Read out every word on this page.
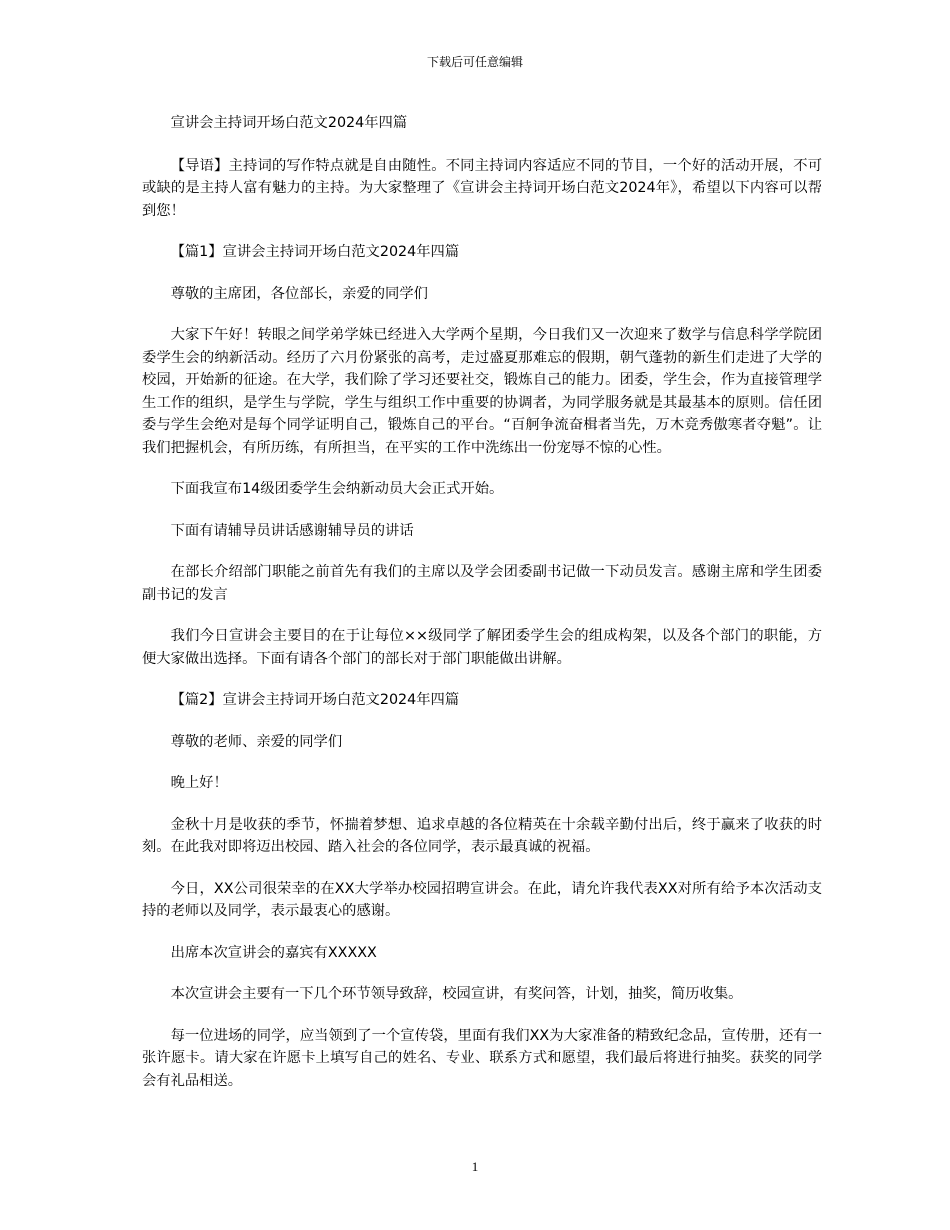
下载后可任意编辑

宣讲会主持词开场白范文2024年四篇

【导语】主持词的写作特点就是自由随性。不同主持词内容适应不同的节目，一个好的活动开展，不可或缺的是主持人富有魅力的主持。为大家整理了《宣讲会主持词开场白范文2024年》，希望以下内容可以帮到您！

【篇1】宣讲会主持词开场白范文2024年四篇

尊敬的主席团，各位部长，亲爱的同学们

大家下午好！转眼之间学弟学妹已经进入大学两个星期，今日我们又一次迎来了数学与信息科学学院团委学生会的纳新活动。经历了六月份紧张的高考，走过盛夏那难忘的假期，朝气蓬勃的新生们走进了大学的校园，开始新的征途。在大学，我们除了学习还要社交，锻炼自己的能力。团委，学生会，作为直接管理学生工作的组织，是学生与学院，学生与组织工作中重要的协调者，为同学服务就是其最基本的原则。信任团委与学生会绝对是每个同学证明自己，锻炼自己的平台。“百舸争流奋楫者当先，万木竞秀傲寒者夺魁”。让我们把握机会，有所历练，有所担当，在平实的工作中洗练出一份宠辱不惊的心性。

下面我宣布14级团委学生会纳新动员大会正式开始。

下面有请辅导员讲话感谢辅导员的讲话

在部长介绍部门职能之前首先有我们的主席以及学会团委副书记做一下动员发言。感谢主席和学生团委副书记的发言

我们今日宣讲会主要目的在于让每位××级同学了解团委学生会的组成构架，以及各个部门的职能，方便大家做出选择。下面有请各个部门的部长对于部门职能做出讲解。

【篇2】宣讲会主持词开场白范文2024年四篇

尊敬的老师、亲爱的同学们

晚上好！

金秋十月是收获的季节，怀揣着梦想、追求卓越的各位精英在十余载辛勤付出后，终于赢来了收获的时刻。在此我对即将迈出校园、踏入社会的各位同学，表示最真诚的祝福。

今日，XX公司很荣幸的在XX大学举办校园招聘宣讲会。在此，请允许我代表XX对所有给予本次活动支持的老师以及同学，表示最衷心的感谢。

出席本次宣讲会的嘉宾有XXXXX

本次宣讲会主要有一下几个环节领导致辞，校园宣讲，有奖问答，计划，抽奖，简历收集。

每一位进场的同学，应当领到了一个宣传袋，里面有我们XX为大家准备的精致纪念品，宣传册，还有一张许愿卡。请大家在许愿卡上填写自己的姓名、专业、联系方式和愿望，我们最后将进行抽奖。获奖的同学会有礼品相送。

1
